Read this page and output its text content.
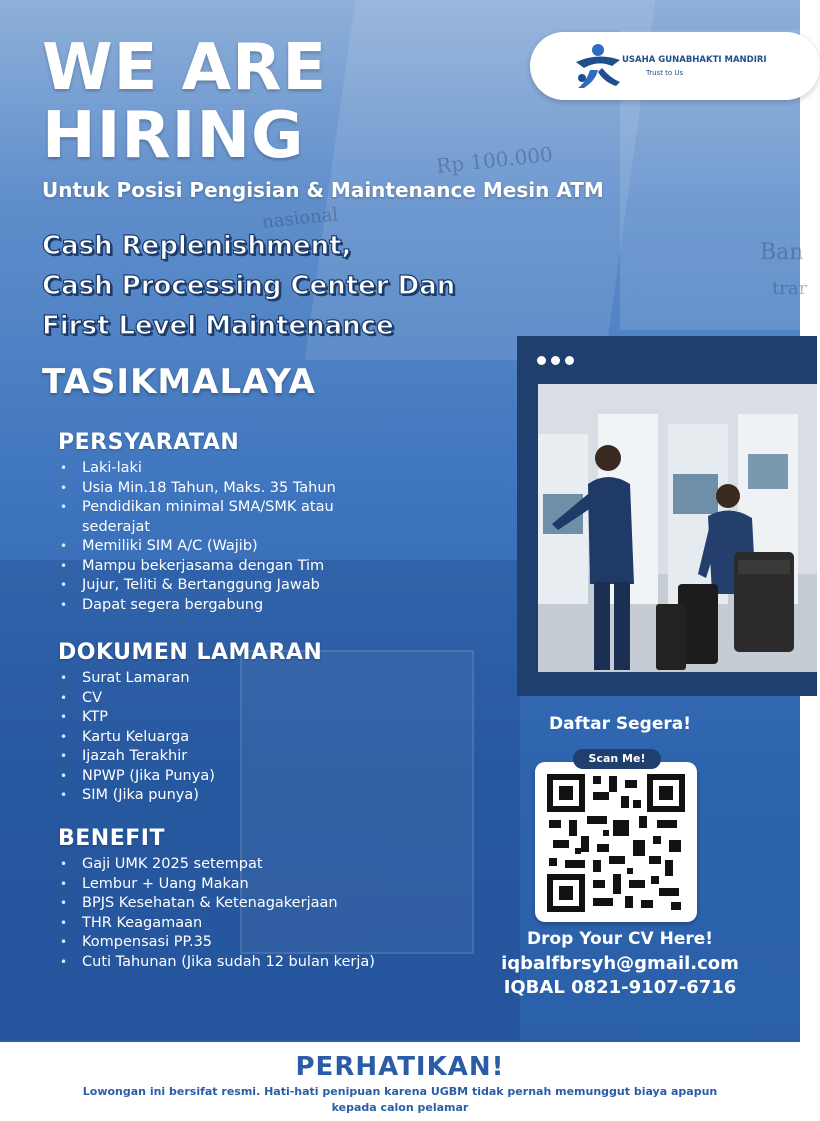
Rp 100.000
nasional
Ban
trar
WE ARE
HIRING
Untuk Posisi Pengisian & Maintenance Mesin ATM
Cash Replenishment,
Cash Processing Center Dan
First Level Maintenance
TASIKMALAYA
USAHA GUNABHAKTI MANDIRI
Trust to Us
PERSYARATAN
• Laki-laki
• Usia Min.18 Tahun, Maks. 35 Tahun
• Pendidikan minimal SMA/SMK atau sederajat
• Memiliki SIM A/C (Wajib)
• Mampu bekerjasama dengan Tim
• Jujur, Teliti & Bertanggung Jawab
• Dapat segera bergabung
DOKUMEN LAMARAN
• Surat Lamaran
• CV
• KTP
• Kartu Keluarga
• Ijazah Terakhir
• NPWP (Jika Punya)
• SIM (Jika punya)
BENEFIT
• Gaji UMK 2025 setempat
• Lembur + Uang Makan
• BPJS Kesehatan & Ketenagakerjaan
• THR Keagamaan
• Kompensasi PP.35
• Cuti Tahunan (Jika sudah 12 bulan kerja)
Daftar Segera!
Scan Me!
Drop Your CV Here!
iqbalfbrsyh@gmail.com
IQBAL 0821-9107-6716
PERHATIKAN!
Lowongan ini bersifat resmi. Hati-hati penipuan karena UGBM tidak pernah memunggut biaya apapun kepada calon pelamar
